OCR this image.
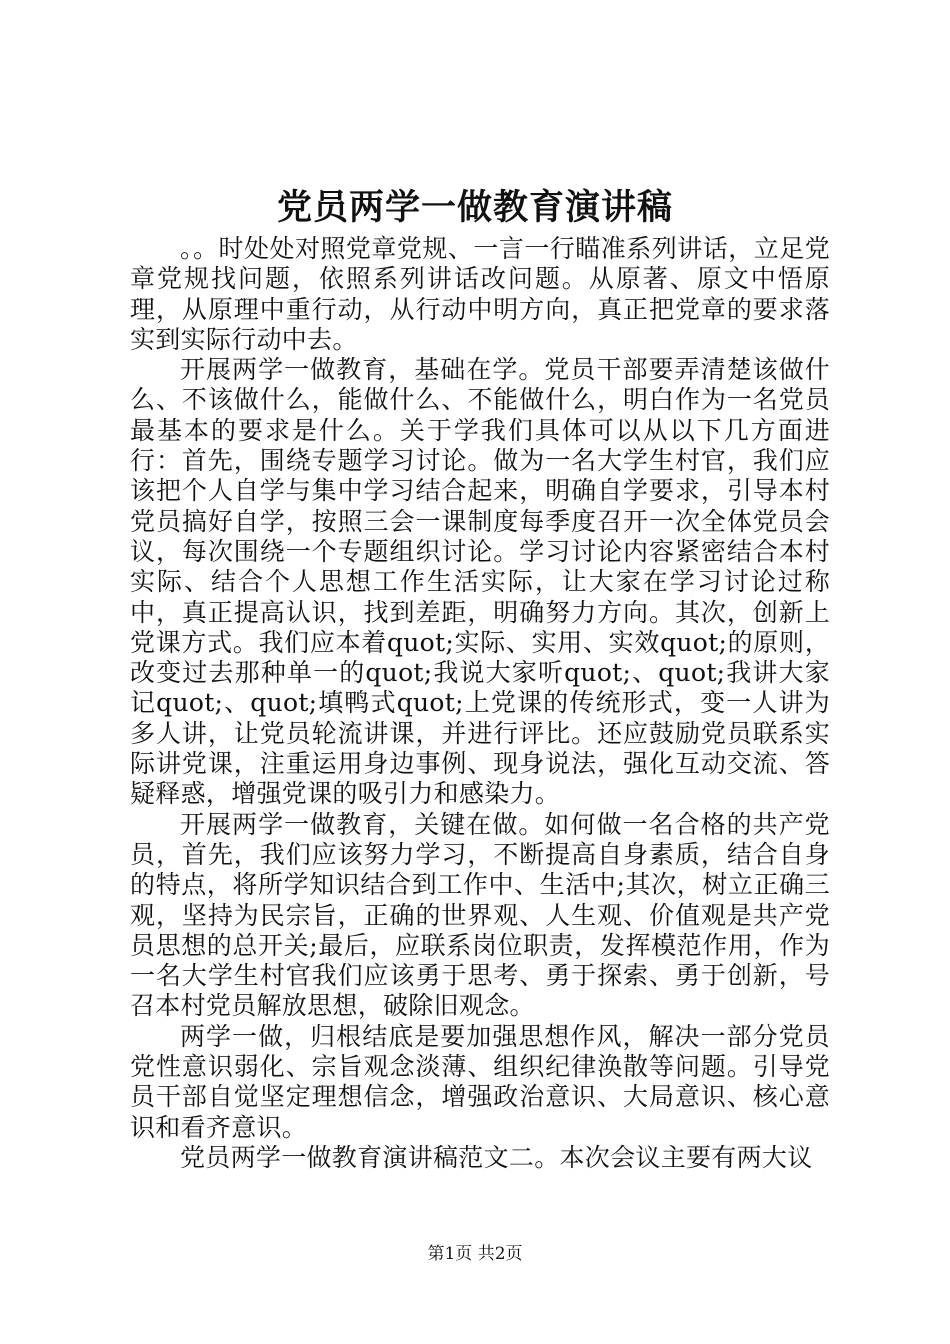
党员两学一做教育演讲稿

。。时处处对照党章党规、一言一行瞄准系列讲话，立足党章党规找问题，依照系列讲话改问题。从原著、原文中悟原理，从原理中重行动，从行动中明方向，真正把党章的要求落实到实际行动中去。

开展两学一做教育，基础在学。党员干部要弄清楚该做什么、不该做什么，能做什么、不能做什么，明白作为一名党员最基本的要求是什么。关于学我们具体可以从以下几方面进行：首先，围绕专题学习讨论。做为一名大学生村官，我们应该把个人自学与集中学习结合起来，明确自学要求，引导本村党员搞好自学，按照三会一课制度每季度召开一次全体党员会议，每次围绕一个专题组织讨论。学习讨论内容紧密结合本村实际、结合个人思想工作生活实际，让大家在学习讨论过称中，真正提高认识，找到差距，明确努力方向。其次，创新上党课方式。我们应本着quot;实际、实用、实效quot;的原则，改变过去那种单一的quot;我说大家听quot;、quot;我讲大家记quot;、quot;填鸭式quot;上党课的传统形式，变一人讲为多人讲，让党员轮流讲课，并进行评比。还应鼓励党员联系实际讲党课，注重运用身边事例、现身说法，强化互动交流、答疑释惑，增强党课的吸引力和感染力。

开展两学一做教育，关键在做。如何做一名合格的共产党员，首先，我们应该努力学习，不断提高自身素质，结合自身的特点，将所学知识结合到工作中、生活中;其次，树立正确三观，坚持为民宗旨，正确的世界观、人生观、价值观是共产党员思想的总开关;最后，应联系岗位职责，发挥模范作用，作为一名大学生村官我们应该勇于思考、勇于探索、勇于创新，号召本村党员解放思想，破除旧观念。

两学一做，归根结底是要加强思想作风，解决一部分党员党性意识弱化、宗旨观念淡薄、组织纪律涣散等问题。引导党员干部自觉坚定理想信念，增强政治意识、大局意识、核心意识和看齐意识。

党员两学一做教育演讲稿范文二。本次会议主要有两大议

第1页 共2页
